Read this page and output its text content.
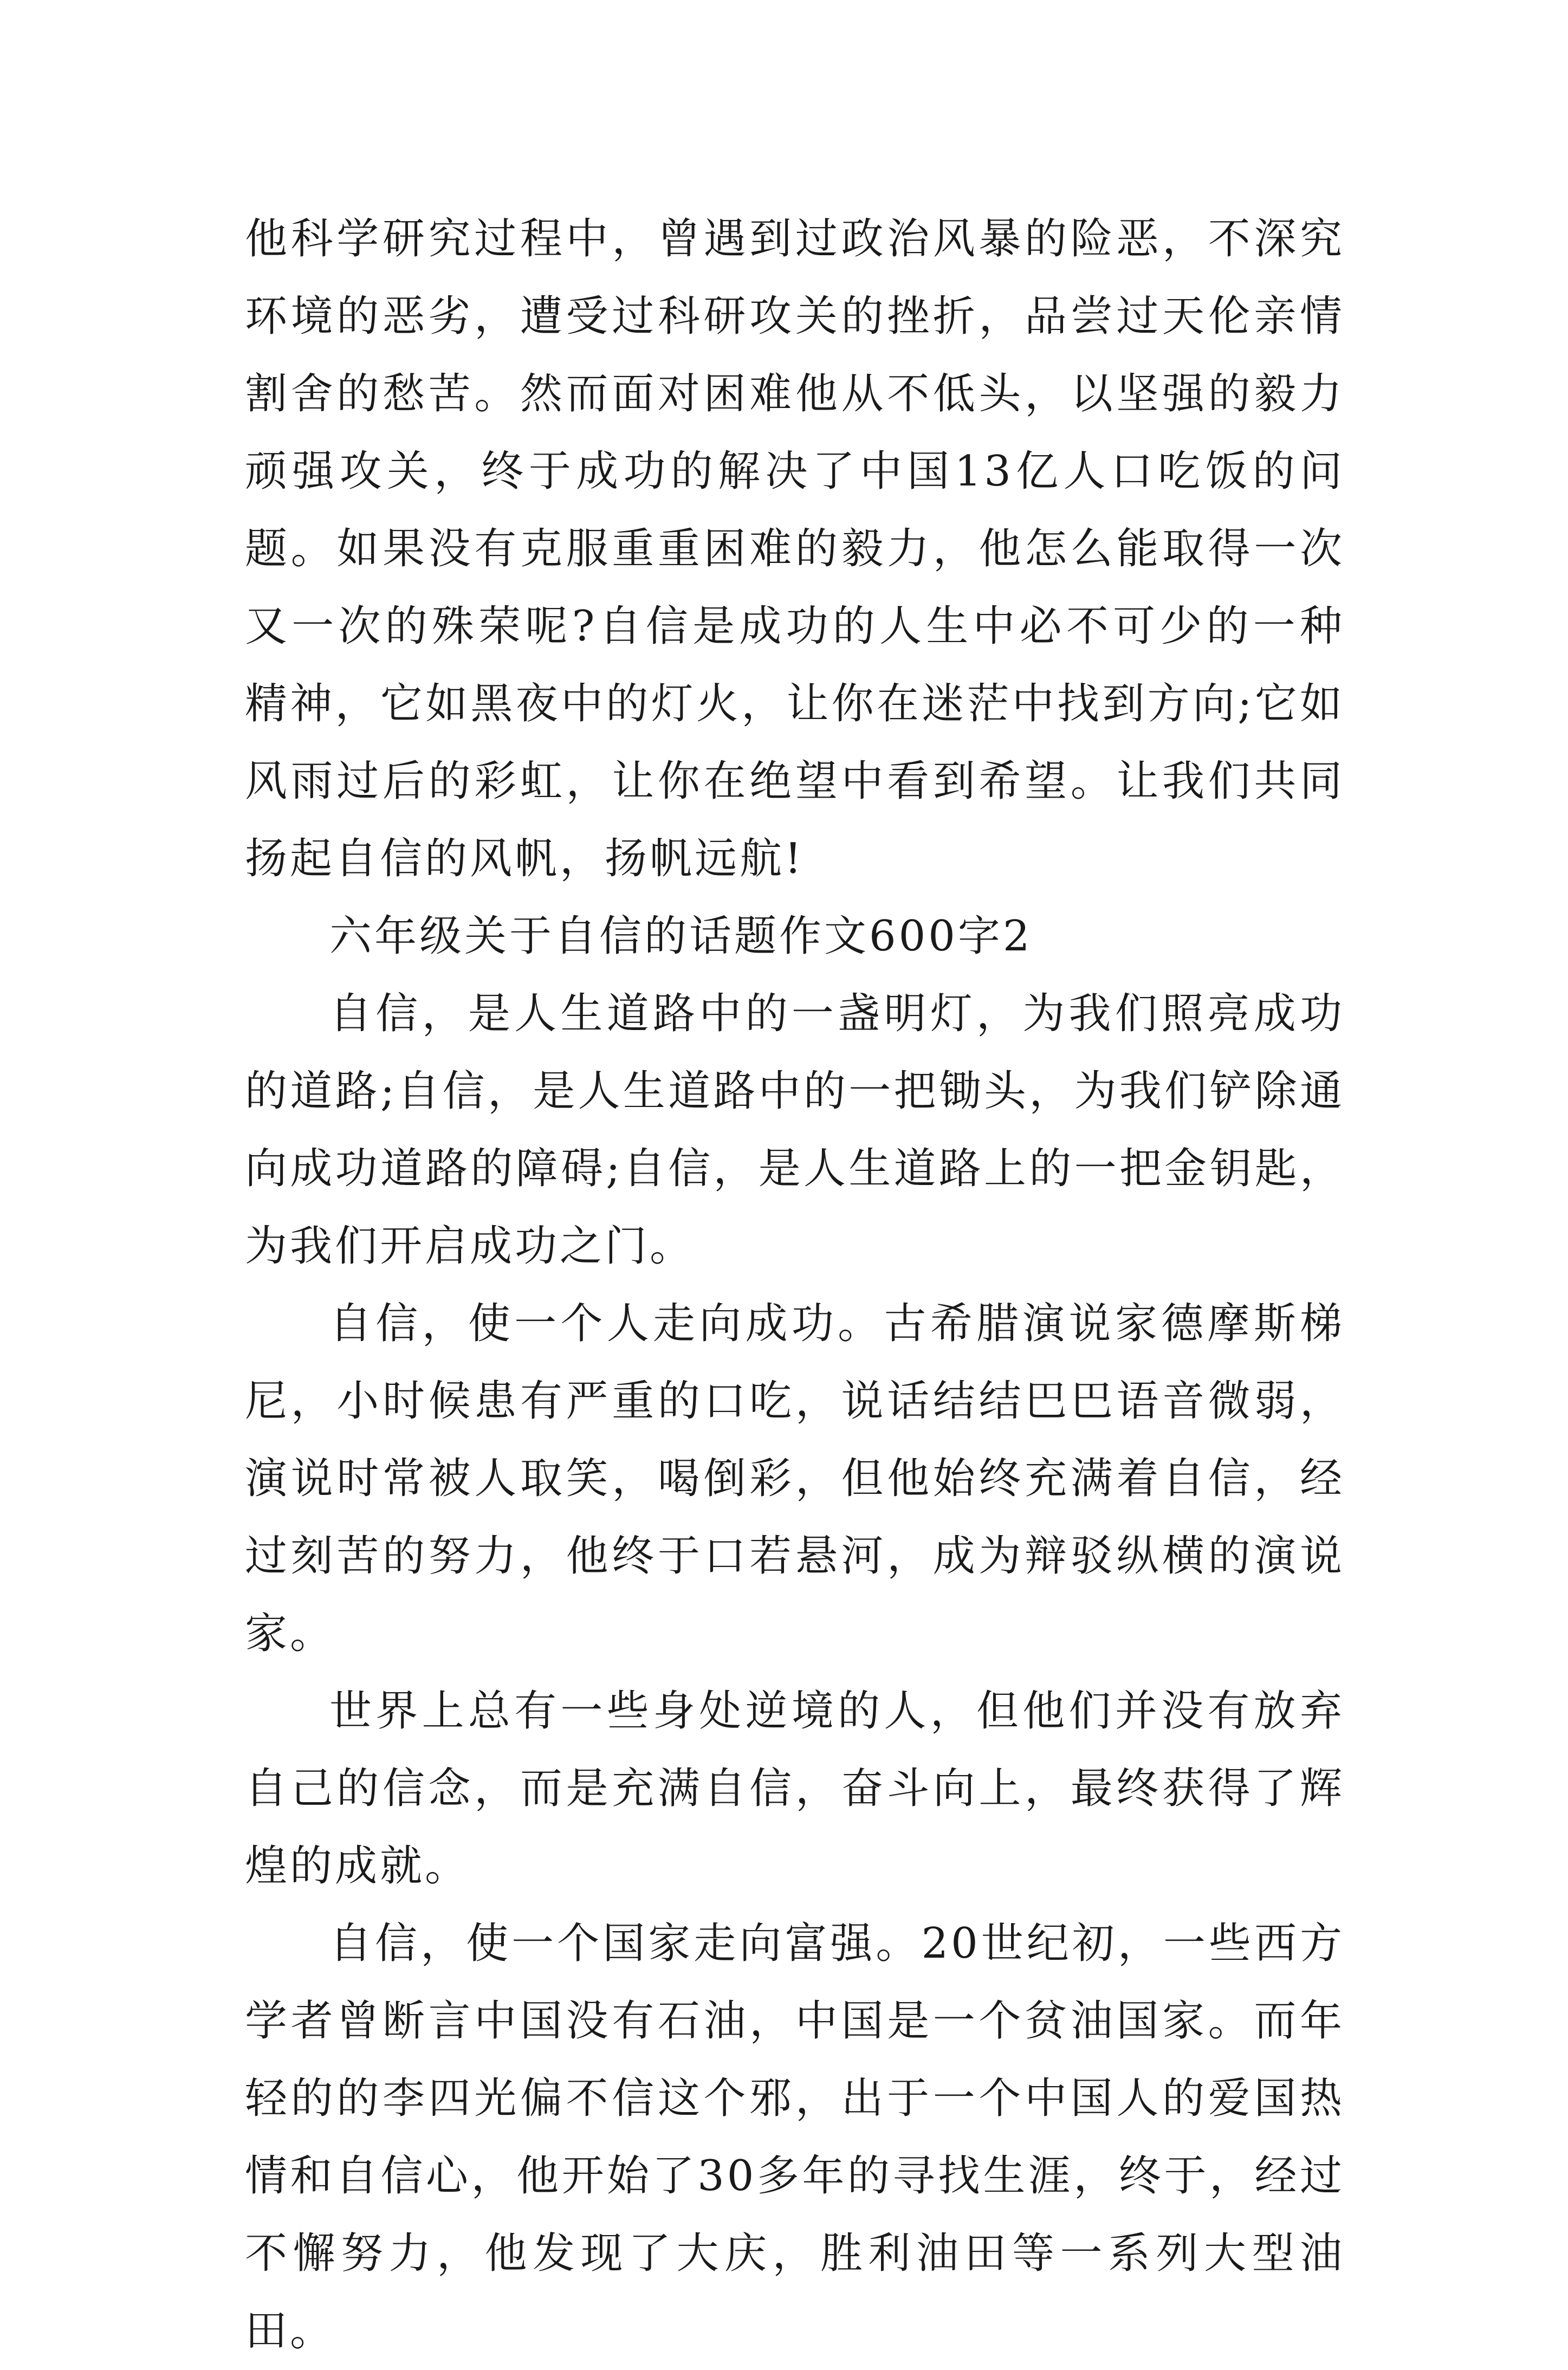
他科学研究过程中，曾遇到过政治风暴的险恶，不深究环境的恶劣，遭受过科研攻关的挫折，品尝过天伦亲情割舍的愁苦。然而面对困难他从不低头，以坚强的毅力顽强攻关，终于成功的解决了中国13亿人口吃饭的问题。如果没有克服重重困难的毅力，他怎么能取得一次又一次的殊荣呢?自信是成功的人生中必不可少的一种精神，它如黑夜中的灯火，让你在迷茫中找到方向;它如风雨过后的彩虹，让你在绝望中看到希望。让我们共同扬起自信的风帆，扬帆远航!

六年级关于自信的话题作文600字2

自信，是人生道路中的一盏明灯，为我们照亮成功的道路;自信，是人生道路中的一把锄头，为我们铲除通向成功道路的障碍;自信，是人生道路上的一把金钥匙，为我们开启成功之门。

自信，使一个人走向成功。古希腊演说家德摩斯梯尼，小时候患有严重的口吃，说话结结巴巴语音微弱，演说时常被人取笑，喝倒彩，但他始终充满着自信，经过刻苦的努力，他终于口若悬河，成为辩驳纵横的演说家。

世界上总有一些身处逆境的人，但他们并没有放弃自己的信念，而是充满自信，奋斗向上，最终获得了辉煌的成就。

自信，使一个国家走向富强。20世纪初，一些西方学者曾断言中国没有石油，中国是一个贫油国家。而年轻的的李四光偏不信这个邪，出于一个中国人的爱国热情和自信心，他开始了30多年的寻找生涯，终于，经过不懈努力，他发现了大庆，胜利油田等一系列大型油田。
